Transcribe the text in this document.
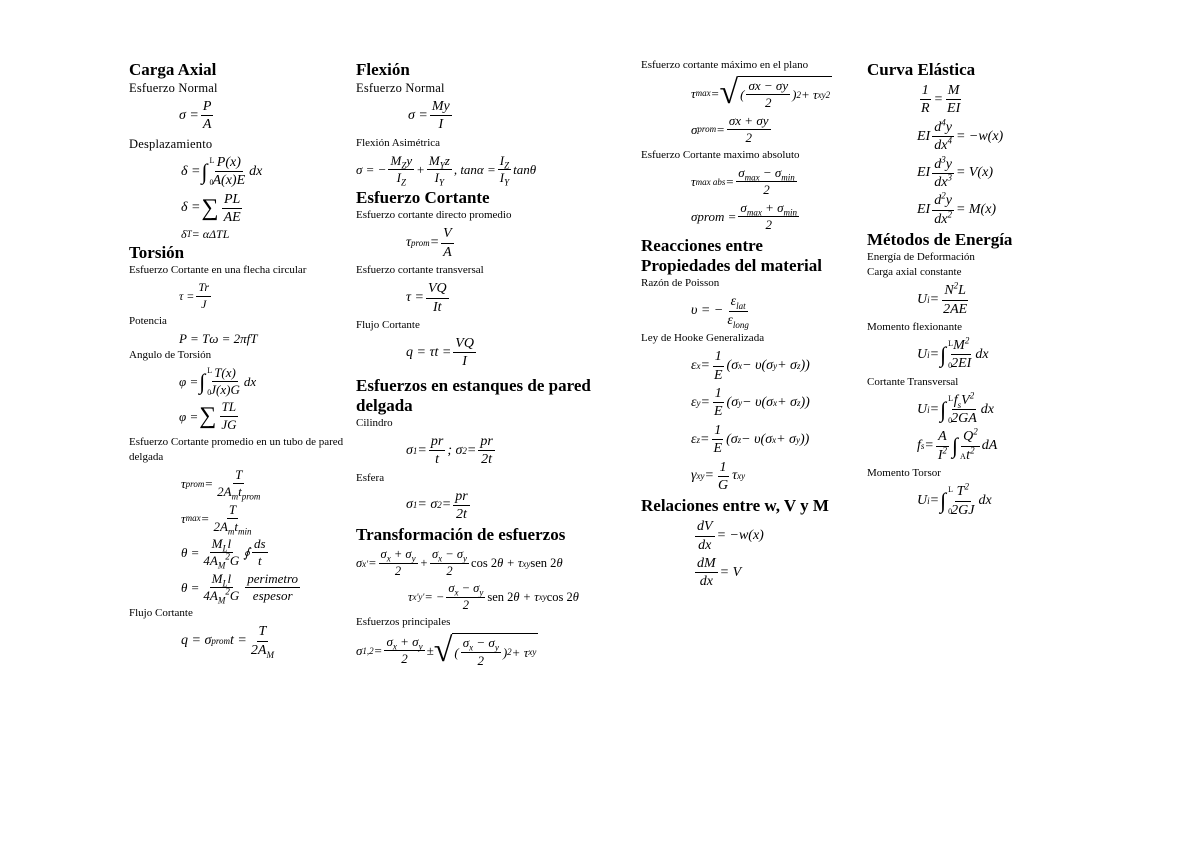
Carga Axial

Esfuerzo Normal

σ =
P
A

Desplazamiento

δ = ∫ L
0
P(x)
A(x)E
dx
δ = ∑ PL
AE
δ T = αΔTL
Torsión

Esfuerzo Cortante en una flecha circular

τ =
Tr
J

Potencia

P = Tω = 2πfT

Angulo de Torsión

φ = ∫ L
0
T(x)
J(x)G
dx
φ = ∑ TL
JG

Esfuerzo Cortante promedio en un tubo de pared delgada

τ prom =
T
$2A_mt_{prom}$
τ max =
T
$2A_mt_{min}$
θ =
$M_Ll$
$4A_M^2G$
∮
ds
t
θ =
$M_Ll$
$4A_M^2G$
perimetro
espesor

Flujo Cortante

q = σ prom t =
T
$2A_M$
Flexión

Esfuerzo Normal

σ =
My
I

Flexión Asimétrica

σ = −
$M_Zy$
$I_Z$
+
$M_Yz$
$I_Y$
, tanα =
$I_Z$
$I_Y$
tanθ
Esfuerzo Cortante

Esfuerzo cortante directo promedio

τ prom =
V
A

Esfuerzo cortante transversal

τ =
VQ
It

Flujo Cortante

q = τt =
VQ
I
Esfuerzos en estanques de pared delgada

Cilindro

σ 1 =
pr
t
; σ 2 =
pr
2t

Esfera

σ 1 = σ 2 =
pr
2t
Transformación de esfuerzos
σ x' =
$\sigma_x + \sigma_y$
2
+
$\sigma_x - \sigma_y$
2
cos 2 θ + τ xy sen 2 θ
τ x'y' = −
$\sigma_x - \sigma_y$
2
sen 2 θ + τ xy cos 2 θ

Esfuerzos principales

σ 1,2 =
$\sigma_x + \sigma_y$
2
± √ (
$\sigma_x - \sigma_y$
2
) 2 + τ xy

Esfuerzo cortante máximo en el plano

τ max = √ (
σx − σy
2
) 2 + τ xy 2
σ prom =
σx + σy
2

Esfuerzo Cortante maximo absoluto

τ max abs =
$\sigma_{max} - \sigma_{min}$
2
σprom =
$\sigma_{max} + \sigma_{min}$
2
Reacciones entre
Propiedades del material

Razón de Poisson

υ = −
$\varepsilon_{lat}$
$\varepsilon_{long}$

Ley de Hooke Generalizada

ε x =
1
E
(σ x − υ(σ y + σ z ))
ε y =
1
E
(σ y − υ(σ x + σ z ))
ε z =
1
E
(σ z − υ(σ x + σ y ))
γ xy =
1
G
τ xy
Relaciones entre w, V y M
dV
dx
= −w(x)
dM
dx
= V
Curva Elástica
1
R
=
M
EI
EI
$d^4y$
$dx^4 = -w(x)$
EI
$d^3y$
$dx^3 = V(x)$
EI
$d^2y$
$dx^2 = M(x)$
Métodos de Energía

Energía de Deformación

Carga axial constante

U i =
$N^2L$
2AE

Momento flexionante

U i = ∫ L
0
$M^2$
2EI
dx

Cortante Transversal

U i = ∫ L
0
$f_sV^2$
2GA
dx
f s =
A
$I^2$ ∫ A
$Q^2$
$t^2$ dA

Momento Torsor

U i = ∫ L
0
$T^2$
2GJ
dx
